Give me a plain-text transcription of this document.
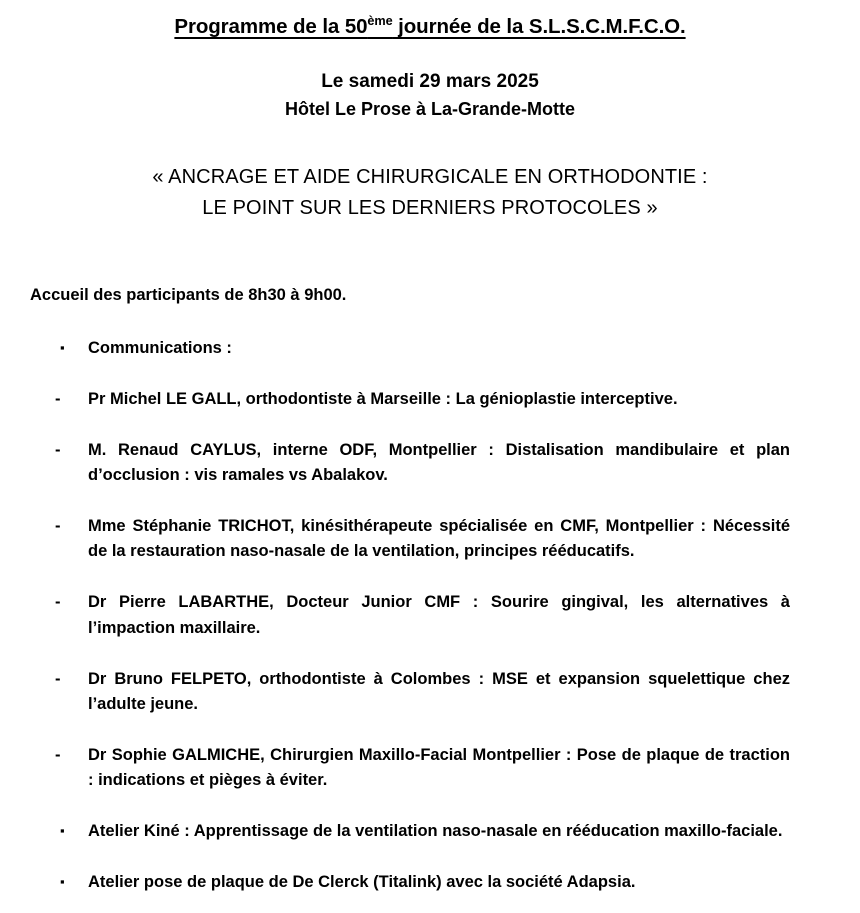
Programme de la 50ème journée de la S.L.S.C.M.F.C.O.

Le samedi 29 mars 2025

Hôtel Le Prose à La-Grande-Motte

« ANCRAGE ET AIDE CHIRURGICALE EN ORTHODONTIE :
LE POINT SUR LES DERNIERS PROTOCOLES »

Accueil des participants de 8h30 à 9h00.

▪	Communications :
-	Pr Michel LE GALL, orthodontiste à Marseille : La génioplastie interceptive.
-	M. Renaud CAYLUS, interne ODF, Montpellier : Distalisation mandibulaire et plan d’occlusion : vis ramales vs Abalakov.
-	Mme Stéphanie TRICHOT, kinésithérapeute spécialisée en CMF, Montpellier : Nécessité de la restauration naso-nasale de la ventilation, principes rééducatifs.
-	Dr Pierre LABARTHE, Docteur Junior CMF : Sourire gingival, les alternatives à l’impaction maxillaire.
-	Dr Bruno FELPETO, orthodontiste à Colombes : MSE et expansion squelettique chez l’adulte jeune.
-	Dr Sophie GALMICHE, Chirurgien Maxillo-Facial Montpellier : Pose de plaque de traction : indications et pièges à éviter.
▪	Atelier Kiné : Apprentissage de la ventilation naso-nasale en rééducation maxillo-faciale.
▪	Atelier pose de plaque de De Clerck (Titalink) avec la société Adapsia.
